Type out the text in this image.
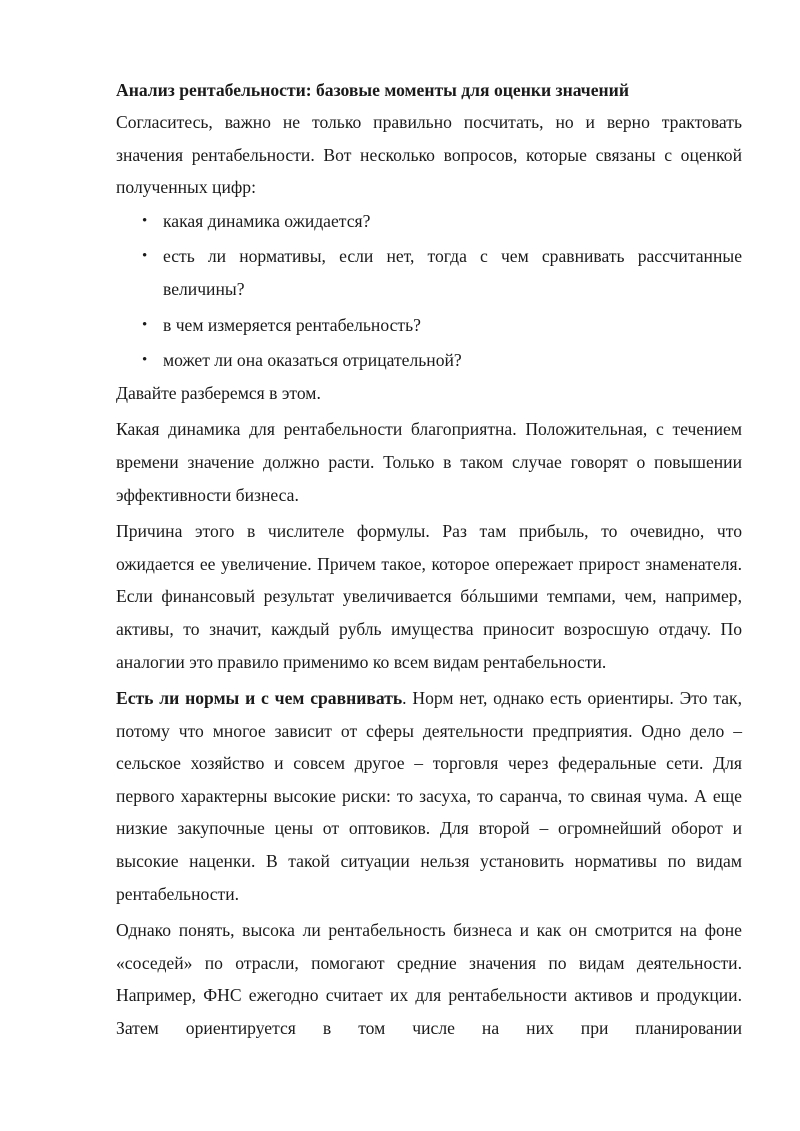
Анализ рентабельности: базовые моменты для оценки значений

Согласитесь, важно не только правильно посчитать, но и верно трактовать значения рентабельности. Вот несколько вопросов, которые связаны с оценкой полученных цифр:

• какая динамика ожидается?
• есть ли нормативы, если нет, тогда с чем сравнивать рассчитанные величины?
• в чем измеряется рентабельность?
• может ли она оказаться отрицательной?

Давайте разберемся в этом.

Какая динамика для рентабельности благоприятна. Положительная, с течением времени значение должно расти. Только в таком случае говорят о повышении эффективности бизнеса.

Причина этого в числителе формулы. Раз там прибыль, то очевидно, что ожидается ее увеличение. Причем такое, которое опережает прирост знаменателя. Если финансовый результат увеличивается бóльшими темпами, чем, например, активы, то значит, каждый рубль имущества приносит возросшую отдачу. По аналогии это правило применимо ко всем видам рентабельности.

Есть ли нормы и с чем сравнивать. Норм нет, однако есть ориентиры. Это так, потому что многое зависит от сферы деятельности предприятия. Одно дело – сельское хозяйство и совсем другое – торговля через федеральные сети. Для первого характерны высокие риски: то засуха, то саранча, то свиная чума. А еще низкие закупочные цены от оптовиков. Для второй – огромнейший оборот и высокие наценки. В такой ситуации нельзя установить нормативы по видам рентабельности.

Однако понять, высока ли рентабельность бизнеса и как он смотрится на фоне «соседей» по отрасли, помогают средние значения по видам деятельности. Например, ФНС ежегодно считает их для рентабельности активов и продукции. Затем ориентируется в том числе на них при планировании
